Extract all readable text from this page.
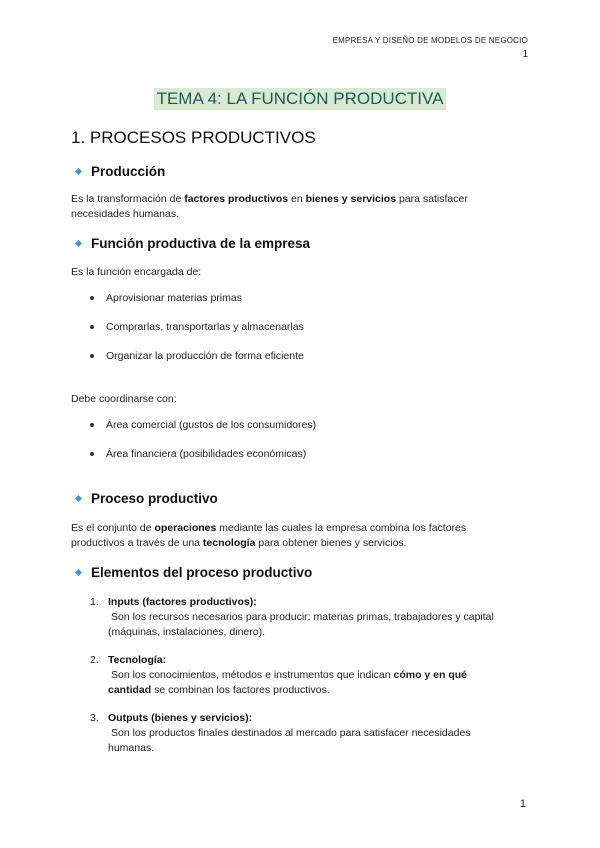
EMPRESA Y DISEÑO DE MODELOS DE NEGOCIO
1
TEMA 4: LA FUNCIÓN PRODUCTIVA
1. PROCESOS PRODUCTIVOS
Producción
Es la transformación de factores productivos en bienes y servicios para satisfacer
necesidades humanas.
Función productiva de la empresa
Es la función encargada de:
Aprovisionar materias primas
Comprarlas, transportarlas y almacenarlas
Organizar la producción de forma eficiente
Debe coordinarse con:
Área comercial (gustos de los consumidores)
Área financiera (posibilidades económicas)
Proceso productivo
Es el conjunto de operaciones mediante las cuales la empresa combina los factores
productivos a través de una tecnología para obtener bienes y servicios.
Elementos del proceso productivo
1. Inputs (factores productivos):
Son los recursos necesarios para producir: materias primas, trabajadores y capital
(máquinas, instalaciones, dinero).
2. Tecnología:
Son los conocimientos, métodos e instrumentos que indican cómo y en qué
cantidad se combinan los factores productivos.
3. Outputs (bienes y servicios):
Son los productos finales destinados al mercado para satisfacer necesidades
humanas.
1
